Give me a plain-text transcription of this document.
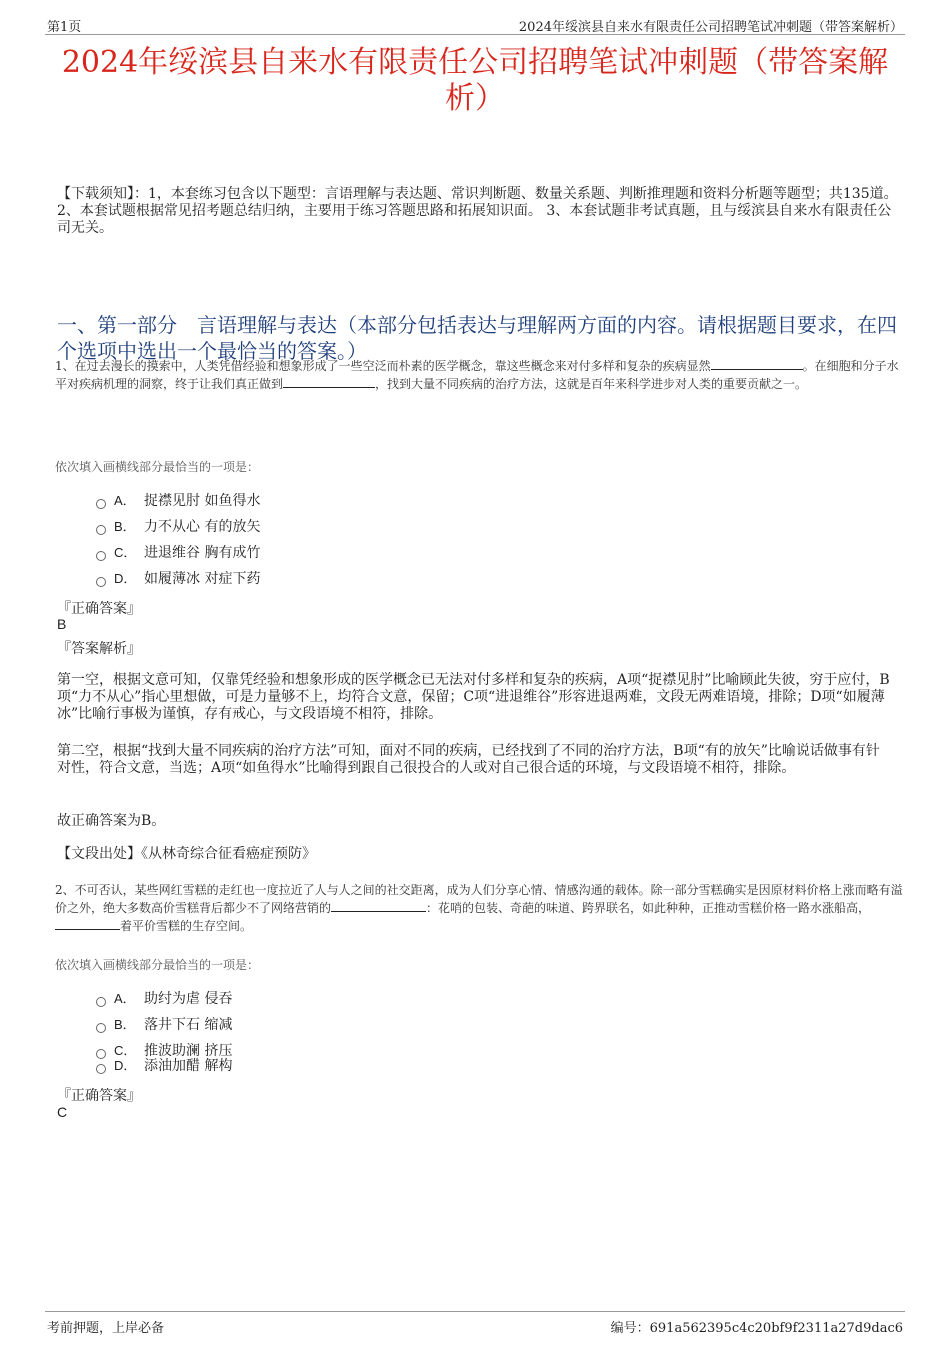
第1页	2024年绥滨县自来水有限责任公司招聘笔试冲刺题（带答案解析）
2024年绥滨县自来水有限责任公司招聘笔试冲刺题（带答案解析）
【下载须知】：1，本套练习包含以下题型：言语理解与表达题、常识判断题、数量关系题、判断推理题和资料分析题等题型；共135道。 2、本套试题根据常见招考题总结归纳，主要用于练习答题思路和拓展知识面。 3、本套试题非考试真题，且与绥滨县自来水有限责任公司无关。
一、第一部分　言语理解与表达（本部分包括表达与理解两方面的内容。请根据题目要求，在四个选项中选出一个最恰当的答案。）
1、在过去漫长的摸索中，人类凭借经验和想象形成了一些空泛而朴素的医学概念，靠这些概念来对付多样和复杂的疾病显然	。在细胞和分子水平对疾病机理的洞察，终于让我们真正做到	，找到大量不同疾病的治疗方法，这就是百年来科学进步对人类的重要贡献之一。
依次填入画横线部分最恰当的一项是：
A． 捉襟见肘 如鱼得水
B． 力不从心 有的放矢
C． 进退维谷 胸有成竹
D． 如履薄冰 对症下药
『正确答案』
B
『答案解析』
第一空，根据文意可知，仅靠凭经验和想象形成的医学概念已无法对付多样和复杂的疾病，A项“捉襟见肘”比喻顾此失彼，穷于应付，B项“力不从心”指心里想做，可是力量够不上，均符合文意，保留；C项“进退维谷”形容进退两难，文段无两难语境，排除；D项“如履薄冰”比喻行事极为谨慎，存有戒心，与文段语境不相符，排除。
第二空，根据“找到大量不同疾病的治疗方法”可知，面对不同的疾病，已经找到了不同的治疗方法，B项“有的放矢”比喻说话做事有针对性，符合文意，当选；A项“如鱼得水”比喻得到跟自己很投合的人或对自己很合适的环境，与文段语境不相符，排除。
故正确答案为B。
【文段出处】《从林奇综合征看癌症预防》
2、不可否认，某些网红雪糕的走红也一度拉近了人与人之间的社交距离，成为人们分享心情、情感沟通的载体。除一部分雪糕确实是因原材料价格上涨而略有溢价之外，绝大多数高价雪糕背后都少不了网络营销的	：花哨的包装、奇葩的味道、跨界联名，如此种种，正推动雪糕价格一路水涨船高，着平价雪糕的生存空间。
依次填入画横线部分最恰当的一项是：
A． 助纣为虐 侵吞
B． 落井下石 缩减
C． 推波助澜 挤压
D． 添油加醋 解构
『正确答案』
C
考前押题，上岸必备	编号：691a562395c4c20bf9f2311a27d9dac6
